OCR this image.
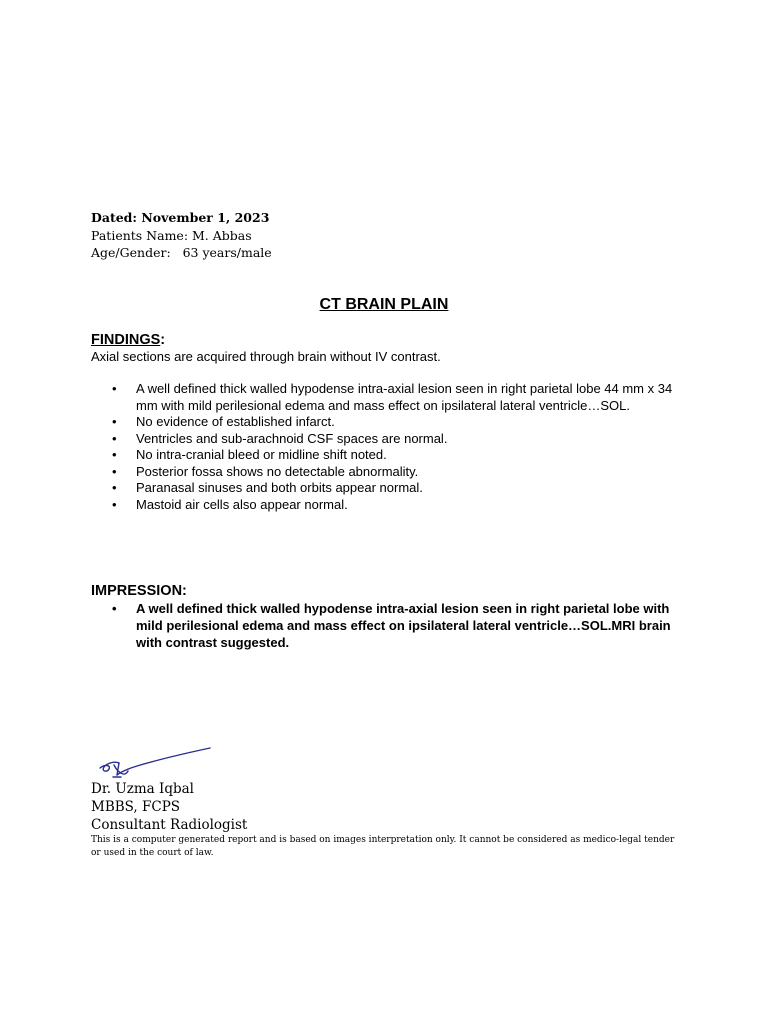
Dated: November 1, 2023
Patients Name: M. Abbas
Age/Gender:   63 years/male
CT BRAIN PLAIN
FINDINGS:
Axial sections are acquired through brain without IV contrast.
• A well defined thick walled hypodense intra-axial lesion seen in right parietal lobe 44 mm x 34 mm with mild perilesional edema and mass effect on ipsilateral lateral ventricle…SOL.
• No evidence of established infarct.
• Ventricles and sub-arachnoid CSF spaces are normal.
• No intra-cranial bleed or midline shift noted.
• Posterior fossa shows no detectable abnormality.
• Paranasal sinuses and both orbits appear normal.
• Mastoid air cells also appear normal.
IMPRESSION:
• A well defined thick walled hypodense intra-axial lesion seen in right parietal lobe with mild perilesional edema and mass effect on ipsilateral lateral ventricle…SOL.MRI brain with contrast suggested.
Dr. Uzma Iqbal
MBBS, FCPS
Consultant Radiologist
This is a computer generated report and is based on images interpretation only. It cannot be considered as medico-legal tender or used in the court of law.
